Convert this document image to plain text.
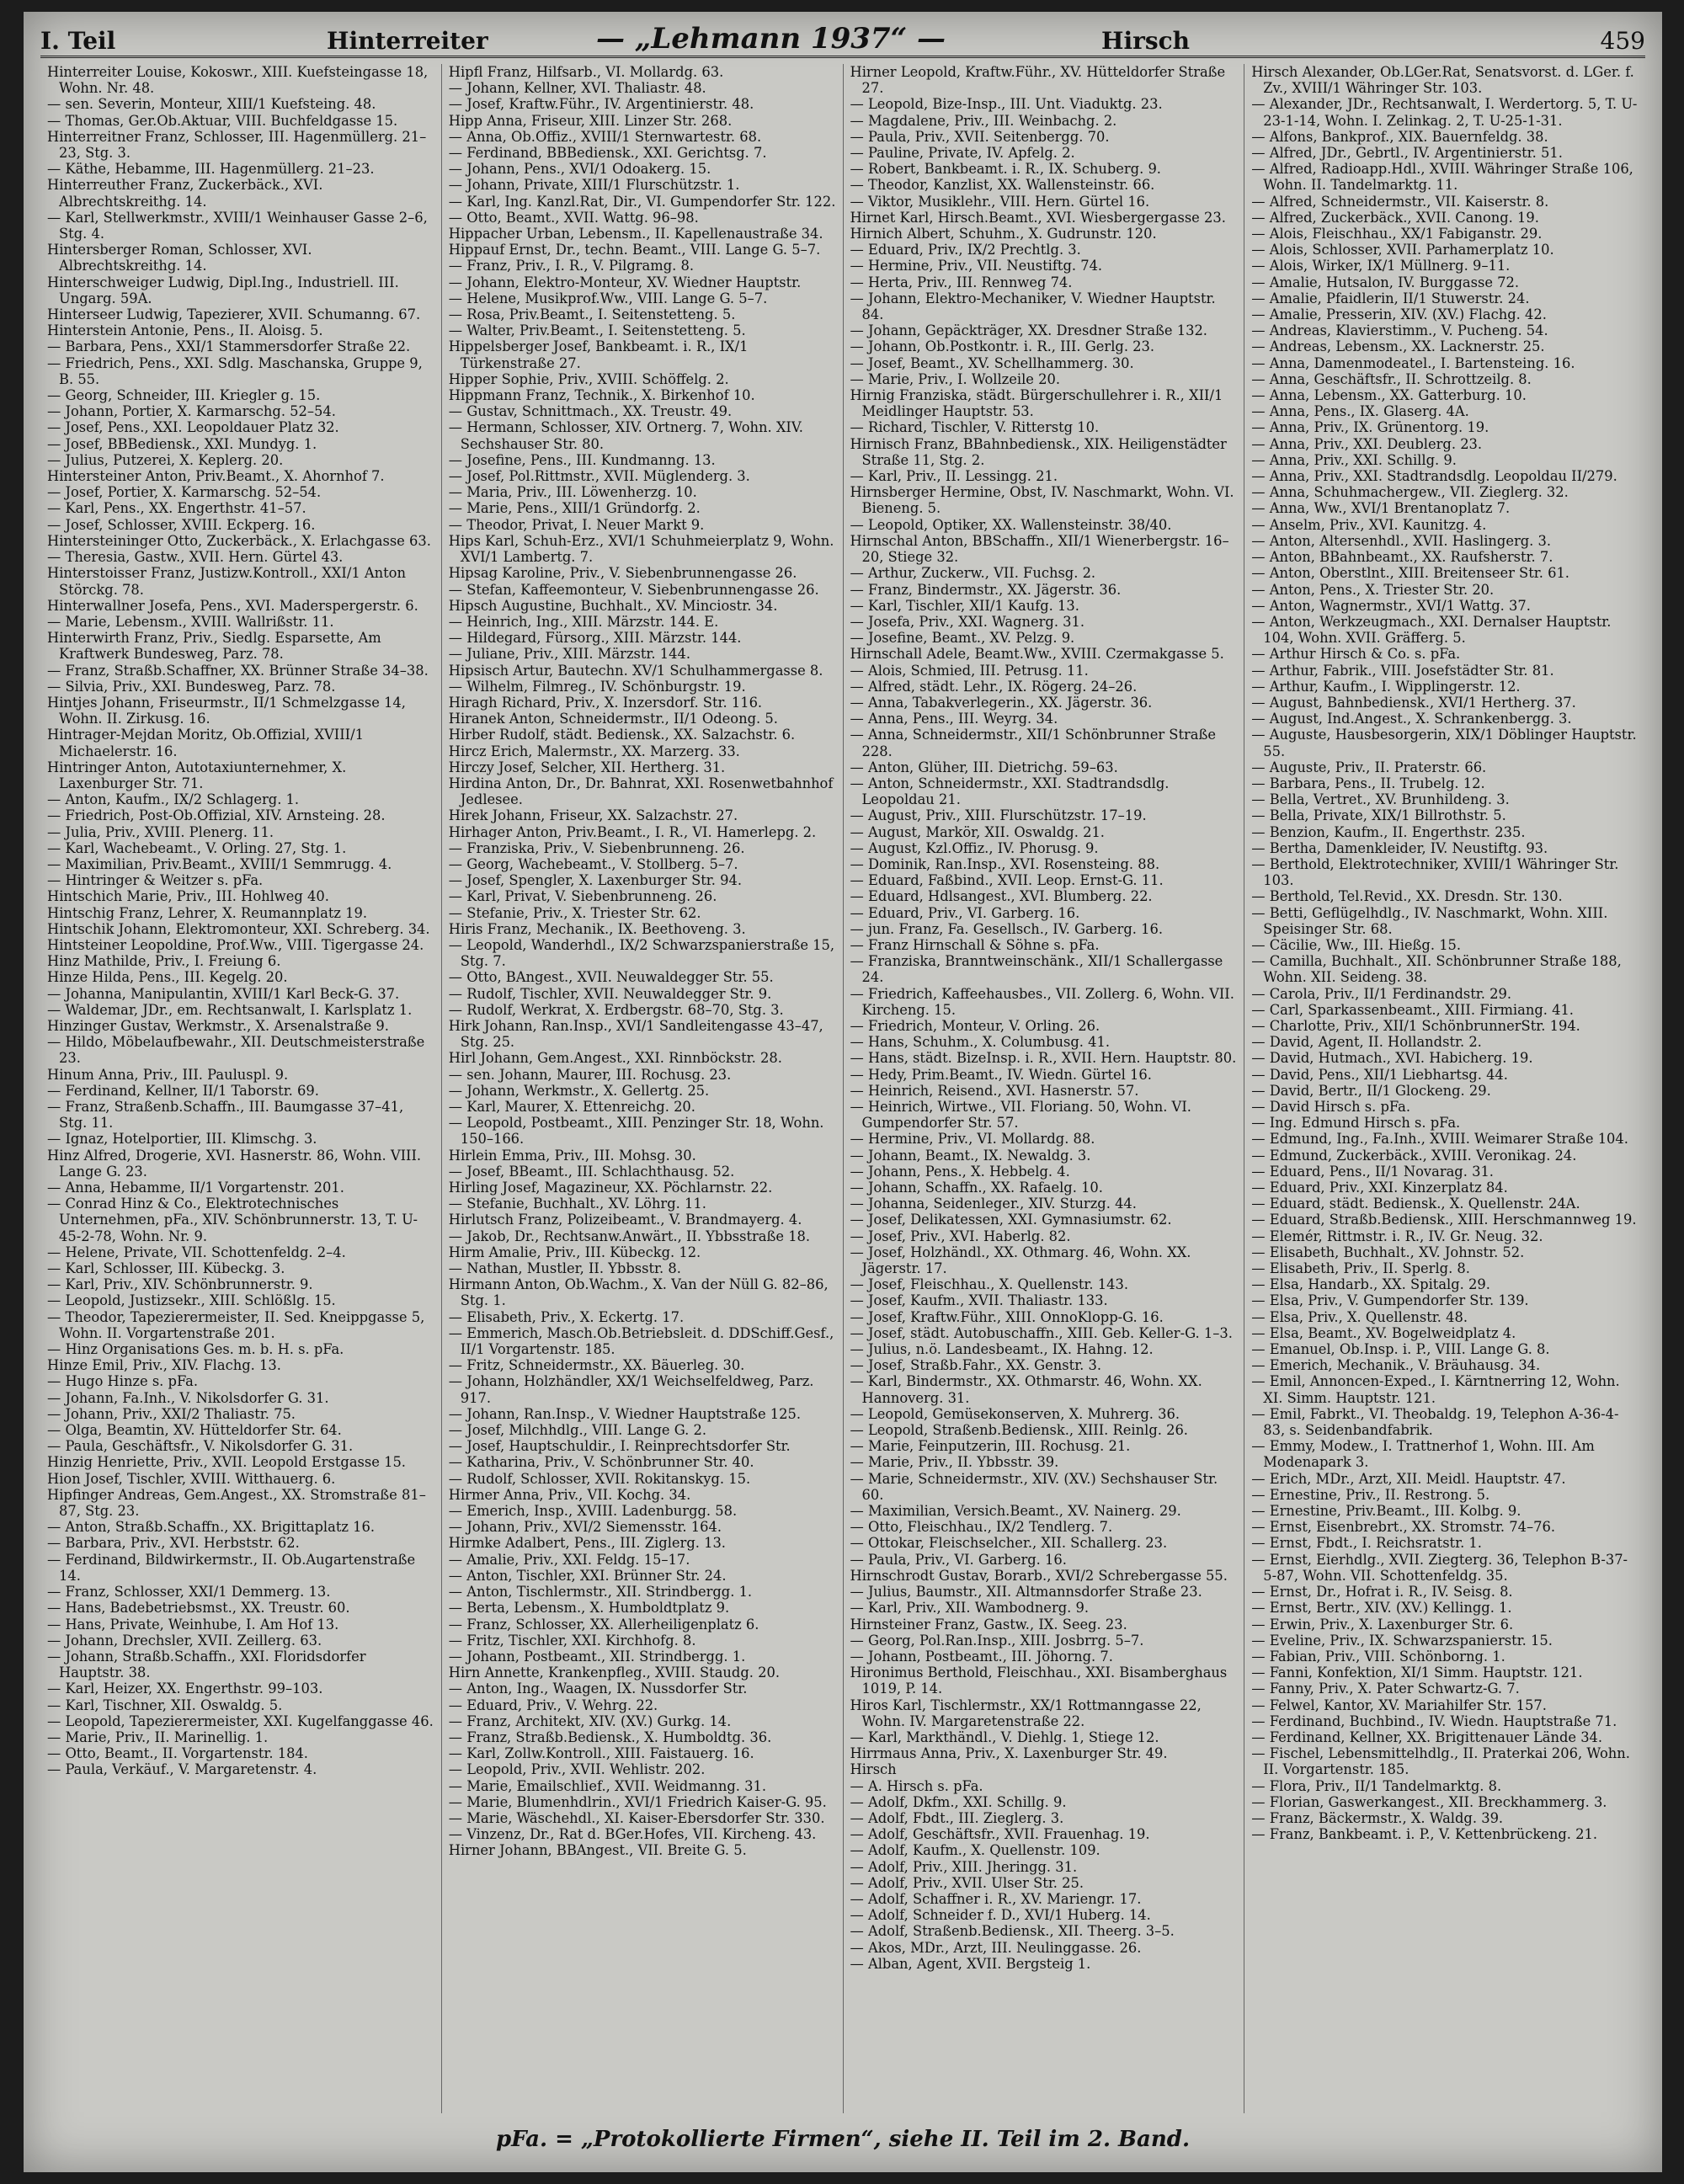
I. Teil	Hinterreiter	— „Lehmann 1937“ —	Hirsch	459

Hinterreiter Louise, Kokoswr., XIII. Kuefsteingasse 18, Wohn. Nr. 48.

— sen. Severin, Monteur, XIII/1 Kuefsteing. 48.

— Thomas, Ger.Ob.Aktuar, VIII. Buchfeldgasse 15.

Hinterreitner Franz, Schlosser, III. Hagenmüllerg. 21–23, Stg. 3.

— Käthe, Hebamme, III. Hagenmüllerg. 21–23.

Hinterreuther Franz, Zuckerbäck., XVI. Albrechtskreithg. 14.

— Karl, Stellwerkmstr., XVIII/1 Weinhauser Gasse 2–6, Stg. 4.

Hintersberger Roman, Schlosser, XVI. Albrechtskreithg. 14.

Hinterschweiger Ludwig, Dipl.Ing., Industriell. III. Ungarg. 59A.

Hinterseer Ludwig, Tapezierer, XVII. Schumanng. 67.

Hinterstein Antonie, Pens., II. Aloisg. 5.

— Barbara, Pens., XXI/1 Stammersdorfer Straße 22.

— Friedrich, Pens., XXI. Sdlg. Maschanska, Gruppe 9, B. 55.

— Georg, Schneider, III. Kriegler g. 15.

— Johann, Portier, X. Karmarschg. 52–54.

— Josef, Pens., XXI. Leopoldauer Platz 32.

— Josef, BBBediensk., XXI. Mundyg. 1.

— Julius, Putzerei, X. Keplerg. 20.

Hintersteiner Anton, Priv.Beamt., X. Ahornhof 7.

— Josef, Portier, X. Karmarschg. 52–54.

— Karl, Pens., XX. Engerthstr. 41–57.

— Josef, Schlosser, XVIII. Eckperg. 16.

Hintersteininger Otto, Zuckerbäck., X. Erlachgasse 63.

— Theresia, Gastw., XVII. Hern. Gürtel 43.

Hinterstoisser Franz, Justizw.Kontroll., XXI/1 Anton Störckg. 78.

Hinterwallner Josefa, Pens., XVI. Maderspergerstr. 6.

— Marie, Lebensm., XVIII. Wallrißstr. 11.

Hinterwirth Franz, Priv., Siedlg. Esparsette, Am Kraftwerk Bundesweg, Parz. 78.

— Franz, Straßb.Schaffner, XX. Brünner Straße 34–38.

— Silvia, Priv., XXI. Bundesweg, Parz. 78.

Hintjes Johann, Friseurmstr., II/1 Schmelzgasse 14, Wohn. II. Zirkusg. 16.

Hintrager-Mejdan Moritz, Ob.Offizial, XVIII/1 Michaelerstr. 16.

Hintringer Anton, Autotaxiunternehmer, X. Laxenburger Str. 71.

— Anton, Kaufm., IX/2 Schlagerg. 1.

— Friedrich, Post-Ob.Offizial, XIV. Arnsteing. 28.

— Julia, Priv., XVIII. Plenerg. 11.

— Karl, Wachebeamt., V. Orling. 27, Stg. 1.

— Maximilian, Priv.Beamt., XVIII/1 Semmrugg. 4.

— Hintringer & Weitzer s. pFa.

Hintschich Marie, Priv., III. Hohlweg 40.

Hintschig Franz, Lehrer, X. Reumannplatz 19.

Hintschik Johann, Elektromonteur, XXI. Schreberg. 34.

Hintsteiner Leopoldine, Prof.Ww., VIII. Tigergasse 24.

Hinz Mathilde, Priv., I. Freiung 6.

Hinze Hilda, Pens., III. Kegelg. 20.

— Johanna, Manipulantin, XVIII/1 Karl Beck-G. 37.

— Waldemar, JDr., em. Rechtsanwalt, I. Karlsplatz 1.

Hinzinger Gustav, Werkmstr., X. Arsenalstraße 9.

— Hildo, Möbelaufbewahr., XII. Deutschmeisterstraße 23.

Hinum Anna, Priv., III. Pauluspl. 9.

— Ferdinand, Kellner, II/1 Taborstr. 69.

— Franz, Straßenb.Schaffn., III. Baumgasse 37–41, Stg. 11.

— Ignaz, Hotelportier, III. Klimschg. 3.

Hinz Alfred, Drogerie, XVI. Hasnerstr. 86, Wohn. VIII. Lange G. 23.

— Anna, Hebamme, II/1 Vorgartenstr. 201.

— Conrad Hinz & Co., Elektrotechnisches Unternehmen, pFa., XIV. Schönbrunnerstr. 13, T. U-45-2-78, Wohn. Nr. 9.

— Helene, Private, VII. Schottenfeldg. 2–4.

— Karl, Schlosser, III. Kübeckg. 3.

— Karl, Priv., XIV. Schönbrunnerstr. 9.

— Leopold, Justizsekr., XIII. Schlößlg. 15.

— Theodor, Tapezierermeister, II. Sed. Kneippgasse 5, Wohn. II. Vorgartenstraße 201.

— Hinz Organisations Ges. m. b. H. s. pFa.

Hinze Emil, Priv., XIV. Flachg. 13.

— Hugo Hinze s. pFa.

— Johann, Fa.Inh., V. Nikolsdorfer G. 31.

— Johann, Priv., XXI/2 Thaliastr. 75.

— Olga, Beamtin, XV. Hütteldorfer Str. 64.

— Paula, Geschäftsfr., V. Nikolsdorfer G. 31.

Hinzig Henriette, Priv., XVII. Leopold Erstgasse 15.

Hion Josef, Tischler, XVIII. Witthauerg. 6.

Hipfinger Andreas, Gem.Angest., XX. Stromstraße 81–87, Stg. 23.

— Anton, Straßb.Schaffn., XX. Brigittaplatz 16.

— Barbara, Priv., XVI. Herbststr. 62.

— Ferdinand, Bildwirkermstr., II. Ob.Augartenstraße 14.

— Franz, Schlosser, XXI/1 Demmerg. 13.

— Hans, Badebetriebsmst., XX. Treustr. 60.

— Hans, Private, Weinhube, I. Am Hof 13.

— Johann, Drechsler, XVII. Zeillerg. 63.

— Johann, Straßb.Schaffn., XXI. Floridsdorfer Hauptstr. 38.

— Karl, Heizer, XX. Engerthstr. 99–103.

— Karl, Tischner, XII. Oswaldg. 5.

— Leopold, Tapezierermeister, XXI. Kugelfanggasse 46.

— Marie, Priv., II. Marinellig. 1.

— Otto, Beamt., II. Vorgartenstr. 184.

— Paula, Verkäuf., V. Margaretenstr. 4.

Hipfl Franz, Hilfsarb., VI. Mollardg. 63.

— Johann, Kellner, XVI. Thaliastr. 48.

— Josef, Kraftw.Führ., IV. Argentinierstr. 48.

Hipp Anna, Friseur, XIII. Linzer Str. 268.

— Anna, Ob.Offiz., XVIII/1 Sternwartestr. 68.

— Ferdinand, BBBediensk., XXI. Gerichtsg. 7.

— Johann, Pens., XVI/1 Odoakerg. 15.

— Johann, Private, XIII/1 Flurschützstr. 1.

— Karl, Ing. Kanzl.Rat, Dir., VI. Gumpendorfer Str. 122.

— Otto, Beamt., XVII. Wattg. 96–98.

Hippacher Urban, Lebensm., II. Kapellenaustraße 34.

Hippauf Ernst, Dr., techn. Beamt., VIII. Lange G. 5–7.

— Franz, Priv., I. R., V. Pilgramg. 8.

— Johann, Elektro-Monteur, XV. Wiedner Hauptstr.

— Helene, Musikprof.Ww., VIII. Lange G. 5–7.

— Rosa, Priv.Beamt., I. Seitenstetteng. 5.

— Walter, Priv.Beamt., I. Seitenstetteng. 5.

Hippelsberger Josef, Bankbeamt. i. R., IX/1 Türkenstraße 27.

Hipper Sophie, Priv., XVIII. Schöffelg. 2.

Hippmann Franz, Technik., X. Birkenhof 10.

— Gustav, Schnittmach., XX. Treustr. 49.

— Hermann, Schlosser, XIV. Ortnerg. 7, Wohn. XIV. Sechshauser Str. 80.

— Josefine, Pens., III. Kundmanng. 13.

— Josef, Pol.Rittmstr., XVII. Müglenderg. 3.

— Maria, Priv., III. Löwenherzg. 10.

— Marie, Pens., XIII/1 Gründorfg. 2.

— Theodor, Privat, I. Neuer Markt 9.

Hips Karl, Schuh-Erz., XVI/1 Schuhmeierplatz 9, Wohn. XVI/1 Lambertg. 7.

Hipsag Karoline, Priv., V. Siebenbrunnengasse 26.

— Stefan, Kaffeemonteur, V. Siebenbrunnengasse 26.

Hipsch Augustine, Buchhalt., XV. Minciostr. 34.

— Heinrich, Ing., XIII. Märzstr. 144. E.

— Hildegard, Fürsorg., XIII. Märzstr. 144.

— Juliane, Priv., XIII. Märzstr. 144.

Hipsisch Artur, Bautechn. XV/1 Schulhammergasse 8.

— Wilhelm, Filmreg., IV. Schönburgstr. 19.

Hiragh Richard, Priv., X. Inzersdorf. Str. 116.

Hiranek Anton, Schneidermstr., II/1 Odeong. 5.

Hirber Rudolf, städt. Bediensk., XX. Salzachstr. 6.

Hircz Erich, Malermstr., XX. Marzerg. 33.

Hirczy Josef, Selcher, XII. Hertherg. 31.

Hirdina Anton, Dr., Dr. Bahnrat, XXI. Rosenwetbahnhof Jedlesee.

Hirek Johann, Friseur, XX. Salzachstr. 27.

Hirhager Anton, Priv.Beamt., I. R., VI. Hamerlepg. 2.

— Franziska, Priv., V. Siebenbrunneng. 26.

— Georg, Wachebeamt., V. Stollberg. 5–7.

— Josef, Spengler, X. Laxenburger Str. 94.

— Karl, Privat, V. Siebenbrunneng. 26.

— Stefanie, Priv., X. Triester Str. 62.

Hiris Franz, Mechanik., IX. Beethoveng. 3.

— Leopold, Wanderhdl., IX/2 Schwarzspanierstraße 15, Stg. 7.

— Otto, BAngest., XVII. Neuwaldegger Str. 55.

— Rudolf, Tischler, XVII. Neuwaldegger Str. 9.

— Rudolf, Werkrat, X. Erdbergstr. 68–70, Stg. 3.

Hirk Johann, Ran.Insp., XVI/1 Sandleitengasse 43–47, Stg. 25.

Hirl Johann, Gem.Angest., XXI. Rinnböckstr. 28.

— sen. Johann, Maurer, III. Rochusg. 23.

— Johann, Werkmstr., X. Gellertg. 25.

— Karl, Maurer, X. Ettenreichg. 20.

— Leopold, Postbeamt., XIII. Penzinger Str. 18, Wohn. 150–166.

Hirlein Emma, Priv., III. Mohsg. 30.

— Josef, BBeamt., III. Schlachthausg. 52.

Hirling Josef, Magazineur, XX. Pöchlarnstr. 22.

— Stefanie, Buchhalt., XV. Löhrg. 11.

Hirlutsch Franz, Polizeibeamt., V. Brandmayerg. 4.

— Jakob, Dr., Rechtsanw.Anwärt., II. Ybbsstraße 18.

Hirm Amalie, Priv., III. Kübeckg. 12.

— Nathan, Mustler, II. Ybbsstr. 8.

Hirmann Anton, Ob.Wachm., X. Van der Nüll G. 82–86, Stg. 1.

— Elisabeth, Priv., X. Eckertg. 17.

— Emmerich, Masch.Ob.Betriebsleit. d. DDSchiff.Gesf., II/1 Vorgartenstr. 185.

— Fritz, Schneidermstr., XX. Bäuerleg. 30.

— Johann, Holzhändler, XX/1 Weichselfeldweg, Parz. 917.

— Johann, Ran.Insp., V. Wiedner Hauptstraße 125.

— Josef, Milchhdlg., VIII. Lange G. 2.

— Josef, Hauptschuldir., I. Reinprechtsdorfer Str.

— Katharina, Priv., V. Schönbrunner Str. 40.

— Rudolf, Schlosser, XVII. Rokitanskyg. 15.

Hirmer Anna, Priv., VII. Kochg. 34.

— Emerich, Insp., XVIII. Ladenburgg. 58.

— Johann, Priv., XVI/2 Siemensstr. 164.

Hirmke Adalbert, Pens., III. Ziglerg. 13.

— Amalie, Priv., XXI. Feldg. 15–17.

— Anton, Tischler, XXI. Brünner Str. 24.

— Anton, Tischlermstr., XII. Strindbergg. 1.

— Berta, Lebensm., X. Humboldtplatz 9.

— Franz, Schlosser, XX. Allerheiligenplatz 6.

— Fritz, Tischler, XXI. Kirchhofg. 8.

— Johann, Postbeamt., XII. Strindbergg. 1.

Hirn Annette, Krankenpfleg., XVIII. Staudg. 20.

— Anton, Ing., Waagen, IX. Nussdorfer Str.

— Eduard, Priv., V. Wehrg. 22.

— Franz, Architekt, XIV. (XV.) Gurkg. 14.

— Franz, Straßb.Bediensk., X. Humboldtg. 36.

— Karl, Zollw.Kontroll., XIII. Faistauerg. 16.

— Leopold, Priv., XVII. Wehlistr. 202.

— Marie, Emailschlief., XVII. Weidmanng. 31.

— Marie, Blumenhdlrin., XVI/1 Friedrich Kaiser-G. 95.

— Marie, Wäschehdl., XI. Kaiser-Ebersdorfer Str. 330.

— Vinzenz, Dr., Rat d. BGer.Hofes, VII. Kircheng. 43.

Hirner Johann, BBAngest., VII. Breite G. 5.

Hirner Leopold, Kraftw.Führ., XV. Hütteldorfer Straße 27.

— Leopold, Bize-Insp., III. Unt. Viaduktg. 23.

— Magdalene, Priv., III. Weinbachg. 2.

— Paula, Priv., XVII. Seitenbergg. 70.

— Pauline, Private, IV. Apfelg. 2.

— Robert, Bankbeamt. i. R., IX. Schuberg. 9.

— Theodor, Kanzlist, XX. Wallensteinstr. 66.

— Viktor, Musiklehr., VIII. Hern. Gürtel 16.

Hirnet Karl, Hirsch.Beamt., XVI. Wiesbergergasse 23.

Hirnich Albert, Schuhm., X. Gudrunstr. 120.

— Eduard, Priv., IX/2 Prechtlg. 3.

— Hermine, Priv., VII. Neustiftg. 74.

— Herta, Priv., III. Rennweg 74.

— Johann, Elektro-Mechaniker, V. Wiedner Hauptstr. 84.

— Johann, Gepäckträger, XX. Dresdner Straße 132.

— Johann, Ob.Postkontr. i. R., III. Gerlg. 23.

— Josef, Beamt., XV. Schellhammerg. 30.

— Marie, Priv., I. Wollzeile 20.

Hirnig Franziska, städt. Bürgerschullehrer i. R., XII/1 Meidlinger Hauptstr. 53.

— Richard, Tischler, V. Ritterstg 10.

Hirnisch Franz, BBahnbediensk., XIX. Heiligenstädter Straße 11, Stg. 2.

— Karl, Priv., II. Lessingg. 21.

Hirnsberger Hermine, Obst, IV. Naschmarkt, Wohn. VI. Bieneng. 5.

— Leopold, Optiker, XX. Wallensteinstr. 38/40.

Hirnschal Anton, BBSchaffn., XII/1 Wienerbergstr. 16–20, Stiege 32.

— Arthur, Zuckerw., VII. Fuchsg. 2.

— Franz, Bindermstr., XX. Jägerstr. 36.

— Karl, Tischler, XII/1 Kaufg. 13.

— Josefa, Priv., XXI. Wagnerg. 31.

— Josefine, Beamt., XV. Pelzg. 9.

Hirnschall Adele, Beamt.Ww., XVIII. Czermakgasse 5.

— Alois, Schmied, III. Petrusg. 11.

— Alfred, städt. Lehr., IX. Rögerg. 24–26.

— Anna, Tabakverlegerin., XX. Jägerstr. 36.

— Anna, Pens., III. Weyrg. 34.

— Anna, Schneidermstr., XII/1 Schönbrunner Straße 228.

— Anton, Glüher, III. Dietrichg. 59–63.

— Anton, Schneidermstr., XXI. Stadtrandsdlg. Leopoldau 21.

— August, Priv., XIII. Flurschützstr. 17–19.

— August, Markör, XII. Oswaldg. 21.

— August, Kzl.Offiz., IV. Phorusg. 9.

— Dominik, Ran.Insp., XVI. Rosensteing. 88.

— Eduard, Faßbind., XVII. Leop. Ernst-G. 11.

— Eduard, Hdlsangest., XVI. Blumberg. 22.

— Eduard, Priv., VI. Garberg. 16.

— jun. Franz, Fa. Gesellsch., IV. Garberg. 16.

— Franz Hirnschall & Söhne s. pFa.

— Franziska, Branntweinschänk., XII/1 Schallergasse 24.

— Friedrich, Kaffeehausbes., VII. Zollerg. 6, Wohn. VII. Kircheng. 15.

— Friedrich, Monteur, V. Orling. 26.

— Hans, Schuhm., X. Columbusg. 41.

— Hans, städt. BizeInsp. i. R., XVII. Hern. Hauptstr. 80.

— Hedy, Prim.Beamt., IV. Wiedn. Gürtel 16.

— Heinrich, Reisend., XVI. Hasnerstr. 57.

— Heinrich, Wirtwe., VII. Floriang. 50, Wohn. VI. Gumpendorfer Str. 57.

— Hermine, Priv., VI. Mollardg. 88.

— Johann, Beamt., IX. Newaldg. 3.

— Johann, Pens., X. Hebbelg. 4.

— Johann, Schaffn., XX. Rafaelg. 10.

— Johanna, Seidenleger., XIV. Sturzg. 44.

— Josef, Delikatessen, XXI. Gymnasiumstr. 62.

— Josef, Priv., XVI. Haberlg. 82.

— Josef, Holzhändl., XX. Othmarg. 46, Wohn. XX. Jägerstr. 17.

— Josef, Fleischhau., X. Quellenstr. 143.

— Josef, Kaufm., XVII. Thaliastr. 133.

— Josef, Kraftw.Führ., XIII. OnnoKlopp-G. 16.

— Josef, städt. Autobuschaffn., XIII. Geb. Keller-G. 1–3.

— Julius, n.ö. Landesbeamt., IX. Hahng. 12.

— Josef, Straßb.Fahr., XX. Genstr. 3.

— Karl, Bindermstr., XX. Othmarstr. 46, Wohn. XX. Hannoverg. 31.

— Leopold, Gemüsekonserven, X. Muhrerg. 36.

— Leopold, Straßenb.Bediensk., XIII. Reinlg. 26.

— Marie, Feinputzerin, III. Rochusg. 21.

— Marie, Priv., II. Ybbsstr. 39.

— Marie, Schneidermstr., XIV. (XV.) Sechshauser Str. 60.

— Maximilian, Versich.Beamt., XV. Nainerg. 29.

— Otto, Fleischhau., IX/2 Tendlerg. 7.

— Ottokar, Fleischselcher., XII. Schallerg. 23.

— Paula, Priv., VI. Garberg. 16.

Hirnschrodt Gustav, Borarb., XVI/2 Schrebergasse 55.

— Julius, Baumstr., XII. Altmannsdorfer Straße 23.

— Karl, Priv., XII. Wambodnerg. 9.

Hirnsteiner Franz, Gastw., IX. Seeg. 23.

— Georg, Pol.Ran.Insp., XIII. Josbrrg. 5–7.

— Johann, Postbeamt., III. Jöhorng. 7.

Hironimus Berthold, Fleischhau., XXI. Bisamberghaus 1019, P. 14.

Hiros Karl, Tischlermstr., XX/1 Rottmanngasse 22, Wohn. IV. Margaretenstraße 22.

— Karl, Markthändl., V. Diehlg. 1, Stiege 12.

Hirrmaus Anna, Priv., X. Laxenburger Str. 49.

Hirsch

— A. Hirsch s. pFa.

— Adolf, Dkfm., XXI. Schillg. 9.

— Adolf, Fbdt., III. Zieglerg. 3.

— Adolf, Geschäftsfr., XVII. Frauenhag. 19.

— Adolf, Kaufm., X. Quellenstr. 109.

— Adolf, Priv., XIII. Jheringg. 31.

— Adolf, Priv., XVII. Ulser Str. 25.

— Adolf, Schaffner i. R., XV. Mariengr. 17.

— Adolf, Schneider f. D., XVI/1 Huberg. 14.

— Adolf, Straßenb.Bediensk., XII. Theerg. 3–5.

— Akos, MDr., Arzt, III. Neulinggasse. 26.

— Alban, Agent, XVII. Bergsteig 1.

Hirsch Alexander, Ob.LGer.Rat, Senatsvorst. d. LGer. f. Zv., XVIII/1 Währinger Str. 103.

— Alexander, JDr., Rechtsanwalt, I. Werdertorg. 5, T. U-23-1-14, Wohn. I. Zelinkag. 2, T. U-25-1-31.

— Alfons, Bankprof., XIX. Bauernfeldg. 38.

— Alfred, JDr., Gebrtl., IV. Argentinierstr. 51.

— Alfred, Radioapp.Hdl., XVIII. Währinger Straße 106, Wohn. II. Tandelmarktg. 11.

— Alfred, Schneidermstr., VII. Kaiserstr. 8.

— Alfred, Zuckerbäck., XVII. Canong. 19.

— Alois, Fleischhau., XX/1 Fabiganstr. 29.

— Alois, Schlosser, XVII. Parhamerplatz 10.

— Alois, Wirker, IX/1 Müllnerg. 9–11.

— Amalie, Hutsalon, IV. Burggasse 72.

— Amalie, Pfaidlerin, II/1 Stuwerstr. 24.

— Amalie, Presserin, XIV. (XV.) Flachg. 42.

— Andreas, Klavierstimm., V. Pucheng. 54.

— Andreas, Lebensm., XX. Lacknerstr. 25.

— Anna, Damenmodeatel., I. Bartensteing. 16.

— Anna, Geschäftsfr., II. Schrottzeilg. 8.

— Anna, Lebensm., XX. Gatterburg. 10.

— Anna, Pens., IX. Glaserg. 4A.

— Anna, Priv., IX. Grünentorg. 19.

— Anna, Priv., XXI. Deublerg. 23.

— Anna, Priv., XXI. Schillg. 9.

— Anna, Priv., XXI. Stadtrandsdlg. Leopoldau II/279.

— Anna, Schuhmachergew., VII. Zieglerg. 32.

— Anna, Ww., XVI/1 Brentanoplatz 7.

— Anselm, Priv., XVI. Kaunitzg. 4.

— Anton, Altersenhdl., XVII. Haslingerg. 3.

— Anton, BBahnbeamt., XX. Raufsherstr. 7.

— Anton, Oberstlnt., XIII. Breitenseer Str. 61.

— Anton, Pens., X. Triester Str. 20.

— Anton, Wagnermstr., XVI/1 Wattg. 37.

— Anton, Werkzeugmach., XXI. Dernalser Hauptstr. 104, Wohn. XVII. Gräfferg. 5.

— Arthur Hirsch & Co. s. pFa.

— Arthur, Fabrik., VIII. Josefstädter Str. 81.

— Arthur, Kaufm., I. Wipplingerstr. 12.

— August, Bahnbediensk., XVI/1 Hertherg. 37.

— August, Ind.Angest., X. Schrankenbergg. 3.

— Auguste, Hausbesorgerin, XIX/1 Döblinger Hauptstr. 55.

— Auguste, Priv., II. Praterstr. 66.

— Barbara, Pens., II. Trubelg. 12.

— Bella, Vertret., XV. Brunhildeng. 3.

— Bella, Private, XIX/1 Billrothstr. 5.

— Benzion, Kaufm., II. Engerthstr. 235.

— Bertha, Damenkleider, IV. Neustiftg. 93.

— Berthold, Elektrotechniker, XVIII/1 Währinger Str. 103.

— Berthold, Tel.Revid., XX. Dresdn. Str. 130.

— Betti, Geflügelhdlg., IV. Naschmarkt, Wohn. XIII. Speisinger Str. 68.

— Cäcilie, Ww., III. Hießg. 15.

— Camilla, Buchhalt., XII. Schönbrunner Straße 188, Wohn. XII. Seideng. 38.

— Carola, Priv., II/1 Ferdinandstr. 29.

— Carl, Sparkassenbeamt., XIII. Firmiang. 41.

— Charlotte, Priv., XII/1 SchönbrunnerStr. 194.

— David, Agent, II. Hollandstr. 2.

— David, Hutmach., XVI. Habicherg. 19.

— David, Pens., XII/1 Liebhartsg. 44.

— David, Bertr., II/1 Glockeng. 29.

— David Hirsch s. pFa.

— Ing. Edmund Hirsch s. pFa.

— Edmund, Ing., Fa.Inh., XVIII. Weimarer Straße 104.

— Edmund, Zuckerbäck., XVIII. Veronikag. 24.

— Eduard, Pens., II/1 Novarag. 31.

— Eduard, Priv., XXI. Kinzerplatz 84.

— Eduard, städt. Bediensk., X. Quellenstr. 24A.

— Eduard, Straßb.Bediensk., XIII. Herschmannweg 19.

— Elemér, Rittmstr. i. R., IV. Gr. Neug. 32.

— Elisabeth, Buchhalt., XV. Johnstr. 52.

— Elisabeth, Priv., II. Sperlg. 8.

— Elsa, Handarb., XX. Spitalg. 29.

— Elsa, Priv., V. Gumpendorfer Str. 139.

— Elsa, Priv., X. Quellenstr. 48.

— Elsa, Beamt., XV. Bogelweidplatz 4.

— Emanuel, Ob.Insp. i. P., VIII. Lange G. 8.

— Emerich, Mechanik., V. Bräuhausg. 34.

— Emil, Annoncen-Exped., I. Kärntnerring 12, Wohn. XI. Simm. Hauptstr. 121.

— Emil, Fabrkt., VI. Theobaldg. 19, Telephon A-36-4-83, s. Seidenbandfabrik.

— Emmy, Modew., I. Trattnerhof 1, Wohn. III. Am Modenapark 3.

— Erich, MDr., Arzt, XII. Meidl. Hauptstr. 47.

— Ernestine, Priv., II. Restrong. 5.

— Ernestine, Priv.Beamt., III. Kolbg. 9.

— Ernst, Eisenbrebrt., XX. Stromstr. 74–76.

— Ernst, Fbdt., I. Reichsratstr. 1.

— Ernst, Eierhdlg., XVII. Ziegterg. 36, Telephon B-37-5-87, Wohn. VII. Schottenfeldg. 35.

— Ernst, Dr., Hofrat i. R., IV. Seisg. 8.

— Ernst, Bertr., XIV. (XV.) Kellingg. 1.

— Erwin, Priv., X. Laxenburger Str. 6.

— Eveline, Priv., IX. Schwarzspanierstr. 15.

— Fabian, Priv., VIII. Schönborng. 1.

— Fanni, Konfektion, XI/1 Simm. Hauptstr. 121.

— Fanny, Priv., X. Pater Schwartz-G. 7.

— Felwel, Kantor, XV. Mariahilfer Str. 157.

— Ferdinand, Buchbind., IV. Wiedn. Hauptstraße 71.

— Ferdinand, Kellner, XX. Brigittenauer Lände 34.

— Fischel, Lebensmittelhdlg., II. Praterkai 206, Wohn. II. Vorgartenstr. 185.

— Flora, Priv., II/1 Tandelmarktg. 8.

— Florian, Gaswerkangest., XII. Breckhammerg. 3.

— Franz, Bäckermstr., X. Waldg. 39.

— Franz, Bankbeamt. i. P., V. Kettenbrückeng. 21.

pFa. = „Protokollierte Firmen“, siehe II. Teil im 2. Band.
